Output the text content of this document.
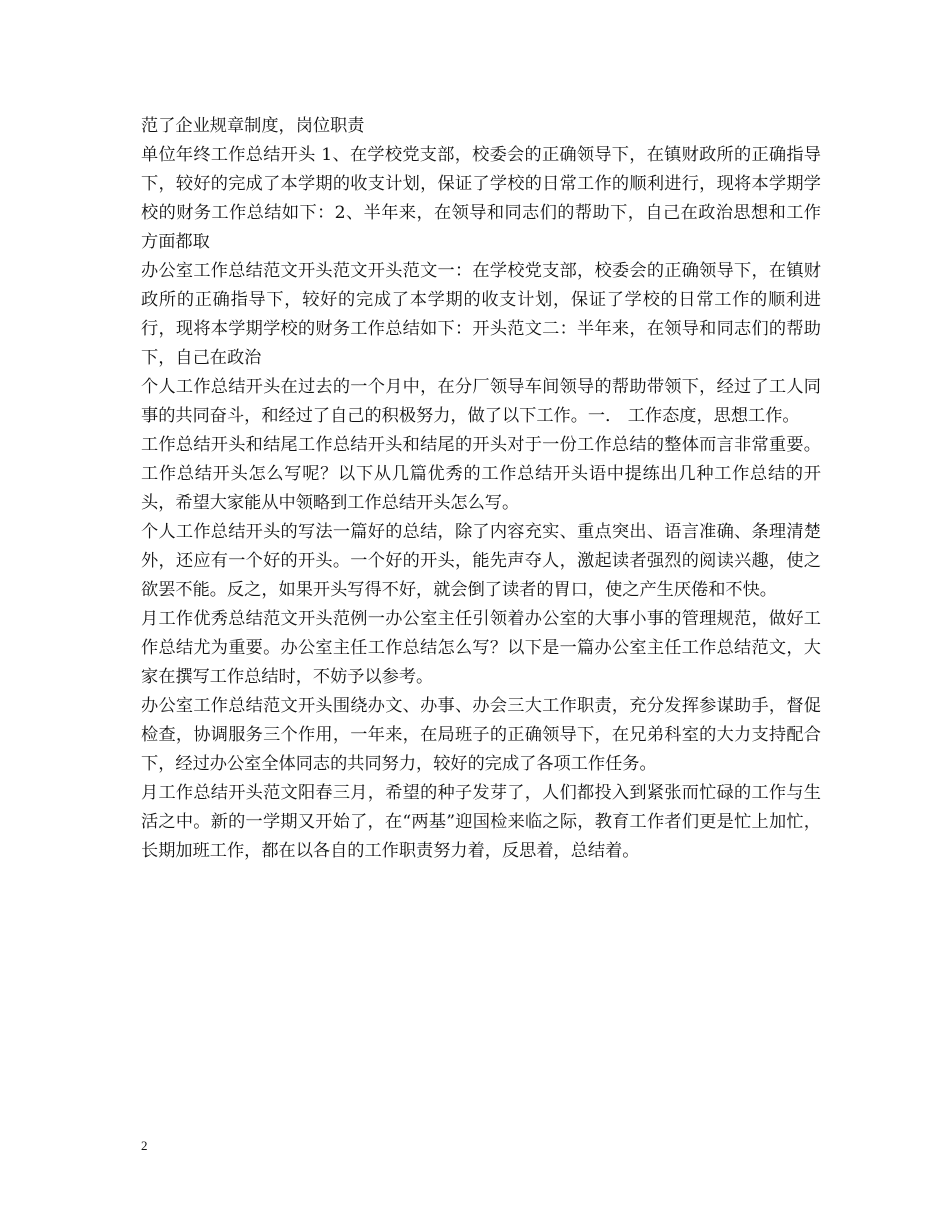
范了企业规章制度，岗位职责

单位年终工作总结开头 1、在学校党支部，校委会的正确领导下，在镇财政所的正确指导下，较好的完成了本学期的收支计划，保证了学校的日常工作的顺利进行，现将本学期学校的财务工作总结如下：2、半年来，在领导和同志们的帮助下，自己在政治思想和工作方面都取

办公室工作总结范文开头范文开头范文一：在学校党支部，校委会的正确领导下，在镇财政所的正确指导下，较好的完成了本学期的收支计划，保证了学校的日常工作的顺利进行，现将本学期学校的财务工作总结如下：开头范文二：半年来，在领导和同志们的帮助下，自己在政治

个人工作总结开头在过去的一个月中，在分厂领导车间领导的帮助带领下，经过了工人同事的共同奋斗，和经过了自己的积极努力，做了以下工作。一． 工作态度，思想工作。

工作总结开头和结尾工作总结开头和结尾的开头对于一份工作总结的整体而言非常重要。工作总结开头怎么写呢？以下从几篇优秀的工作总结开头语中提练出几种工作总结的开头，希望大家能从中领略到工作总结开头怎么写。

个人工作总结开头的写法一篇好的总结，除了内容充实、重点突出、语言准确、条理清楚外，还应有一个好的开头。一个好的开头，能先声夺人，激起读者强烈的阅读兴趣，使之欲罢不能。反之，如果开头写得不好，就会倒了读者的胃口，使之产生厌倦和不快。

月工作优秀总结范文开头范例一办公室主任引领着办公室的大事小事的管理规范，做好工作总结尤为重要。办公室主任工作总结怎么写？以下是一篇办公室主任工作总结范文，大家在撰写工作总结时，不妨予以参考。

办公室工作总结范文开头围绕办文、办事、办会三大工作职责，充分发挥参谋助手，督促检查，协调服务三个作用，一年来，在局班子的正确领导下，在兄弟科室的大力支持配合下，经过办公室全体同志的共同努力，较好的完成了各项工作任务。

月工作总结开头范文阳春三月，希望的种子发芽了，人们都投入到紧张而忙碌的工作与生活之中。新的一学期又开始了，在“两基”迎国检来临之际，教育工作者们更是忙上加忙，长期加班工作，都在以各自的工作职责努力着，反思着，总结着。

2
